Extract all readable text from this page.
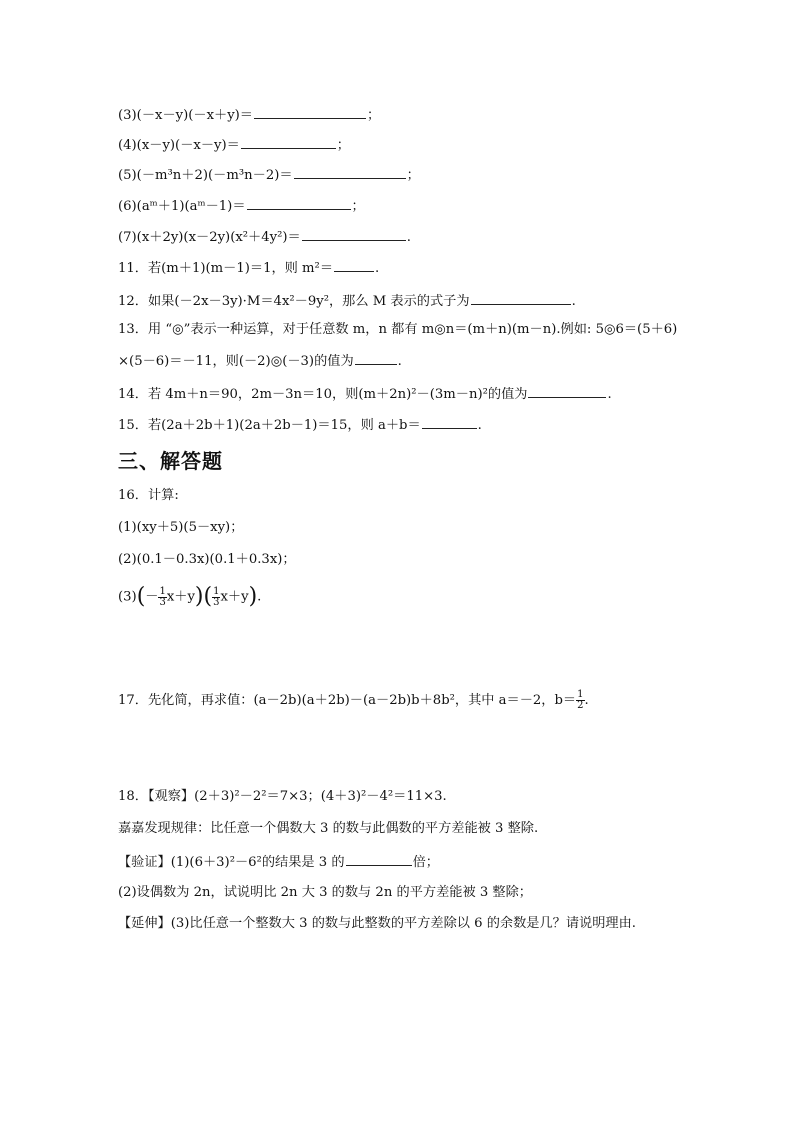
(3)(－x－y)(－x＋y)＝	；
(4)(x－y)(－x－y)＝	；
(5)(－m³n＋2)(－m³n－2)＝	；
(6)(aᵐ＋1)(aᵐ－1)＝	；
(7)(x＋2y)(x－2y)(x²＋4y²)＝	.
11．若(m＋1)(m－1)＝1，则 m²＝	.
12．如果(－2x－3y)·M＝4x²－9y²，那么 M 表示的式子为	.
13．用 “◎”表示一种运算，对于任意数 m，n 都有 m◎n＝(m＋n)(m－n).例如: 5◎6＝(5＋6)
×(5－6)＝－11，则(－2)◎(－3)的值为	.
14．若 4m＋n＝90，2m－3n＝10，则(m＋2n)²－(3m－n)²的值为	.
15．若(2a＋2b＋1)(2a＋2b－1)＝15，则 a＋b＝	.
三、解答题
16．计算:
(1)(xy＋5)(5－xy)；
(2)(0.1－0.3x)(0.1＋0.3x)；
$(3)(- \frac{1}{3} x+y)( \frac{1}{3} x+y)$.
17．先化简，再求值：(a－2b)(a＋2b)－(a－2b)b＋8b²，其中 a＝－2，$b= \frac{1}{2}$ .
18．【观察】(2＋3)²－2²＝7×3；(4＋3)²－4²＝11×3.
嘉嘉发现规律：比任意一个偶数大 3 的数与此偶数的平方差能被 3 整除.
【验证】(1)(6＋3)²－6²的结果是 3 的	倍；
(2)设偶数为 2n，试说明比 2n 大 3 的数与 2n 的平方差能被 3 整除；
【延伸】(3)比任意一个整数大 3 的数与此整数的平方差除以 6 的余数是几？请说明理由.
